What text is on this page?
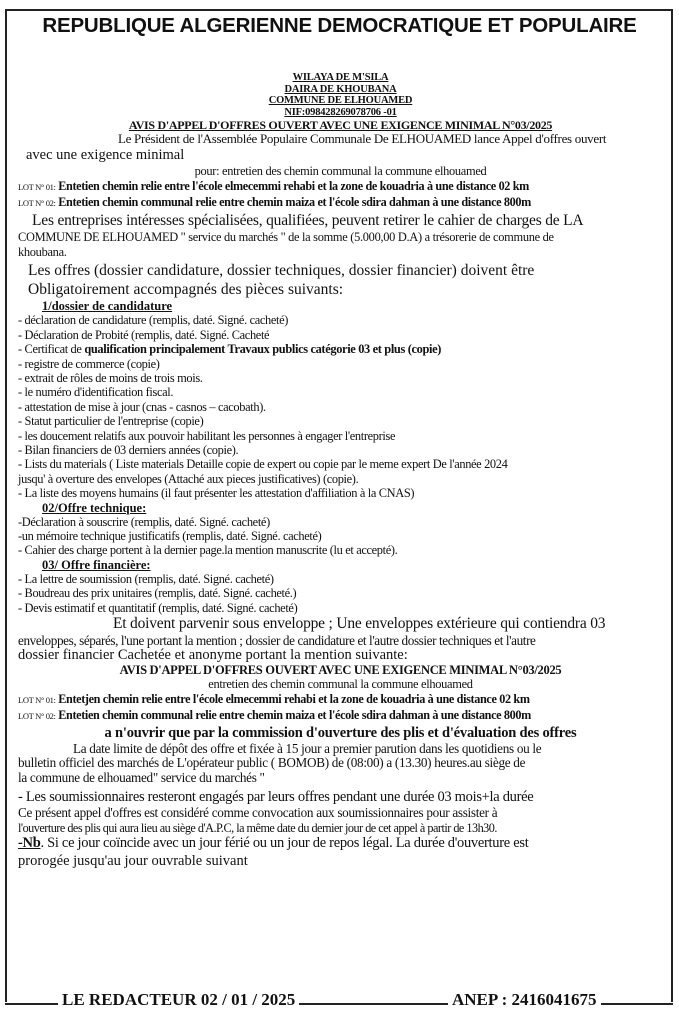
REPUBLIQUE ALGERIENNE DEMOCRATIQUE ET POPULAIRE
WILAYA DE M'SILA
DAIRA DE KHOUBANA
COMMUNE DE ELHOUAMED
NIF:098428269078706 -01
AVIS D'APPEL D'OFFRES OUVERT AVEC UNE EXIGENCE MINIMAL N°03/2025
Le Président de l'Assemblée Populaire Communale De ELHOUAMED lance Appel d'offres ouvert
avec une exigence minimal
pour: entretien des chemin communal la commune elhouamed
LOT N° 01: Entetien chemin relie entre l'école elmecemmi rehabi et la zone de kouadria à une distance 02 km
LOT N° 02: Entetien chemin communal relie entre chemin maiza et l'école sdira dahman à une distance 800m
Les entreprises intéresses spécialisées, qualifiées, peuvent retirer le cahier de charges de LA
COMMUNE DE ELHOUAMED " service du marchés " de la somme (5.000,00 D.A) a trésorerie de commune de
khoubana.
Les offres (dossier candidature, dossier techniques, dossier financier) doivent être
Obligatoirement accompagnés des pièces suivants:
1/dossier de candidature
- déclaration de candidature (remplis, daté. Signé. cacheté)
- Déclaration de Probité (remplis, daté. Signé. Cacheté
- Certificat de qualification principalement Travaux publics catégorie 03 et plus (copie)
- registre de commerce (copie)
- extrait de rôles de moins de trois mois.
- le numéro d'identification fiscal.
- attestation de mise à jour (cnas - casnos – cacobath).
- Statut particulier de l'entreprise (copie)
- les doucement relatifs aux pouvoir habilitant les personnes à engager l'entreprise
- Bilan financiers de 03 derniers années (copie).
- Lists du materials ( Liste materials Detaille copie de expert ou copie par le meme expert De l'année 2024
jusqu' à overture des envelopes (Attaché aux pieces justificatives) (copie).
- La liste des moyens humains (il faut présenter les attestation d'affiliation à la CNAS)
02/Offre technique:
-Déclaration à souscrire (remplis, daté. Signé. cacheté)
-un mémoire technique justificatifs (remplis, daté. Signé. cacheté)
- Cahier des charge portent à la dernier page.la mention manuscrite (lu et accepté).
03/ Offre financière:
- La lettre de soumission (remplis, daté. Signé. cacheté)
- Boudreau des prix unitaires (remplis, daté. Signé. cacheté.)
- Devis estimatif et quantitatif (remplis, daté. Signé. cacheté)
Et doivent parvenir sous enveloppe ; Une enveloppes extérieure qui contiendra 03
enveloppes, séparés, l'une portant la mention ; dossier de candidature et l'autre dossier techniques et l'autre
dossier financier Cachetée et anonyme portant la mention suivante:
AVIS D'APPEL D'OFFRES OUVERT AVEC UNE EXIGENCE MINIMAL N°03/2025
entretien des chemin communal la commune elhouamed
LOT N° 01: Entetjen chemin relie entre l'école elmecemmi rehabi et la zone de kouadria à une distance 02 km
LOT N° 02: Entetien chemin communal relie entre chemin maiza et l'école sdira dahman à une distance 800m
a n'ouvrir que par la commission d'ouverture des plis et d'évaluation des offres
La date limite de dépôt des offre et fixée à 15 jour a premier parution dans les quotidiens ou le
bulletin officiel des marchés de L'opérateur public ( BOMOB) de (08:00) a (13.30) heures.au siège de
la commune de elhouamed" service du marchés "
- Les soumissionnaires resteront engagés par leurs offres pendant une durée 03 mois+la durée
Ce présent appel d'offres est considéré comme convocation aux soumissionnaires pour assister à
l'ouverture des plis qui aura lieu au siège d'A.P.C, la même date du dernier jour de cet appel à partir de 13h30.
-Nb. Si ce jour coïncide avec un jour férié ou un jour de repos légal. La durée d'ouverture est
prorogée jusqu'au jour ouvrable suivant
LE REDACTEUR 02 / 01 / 2025	ANEP : 2416041675
